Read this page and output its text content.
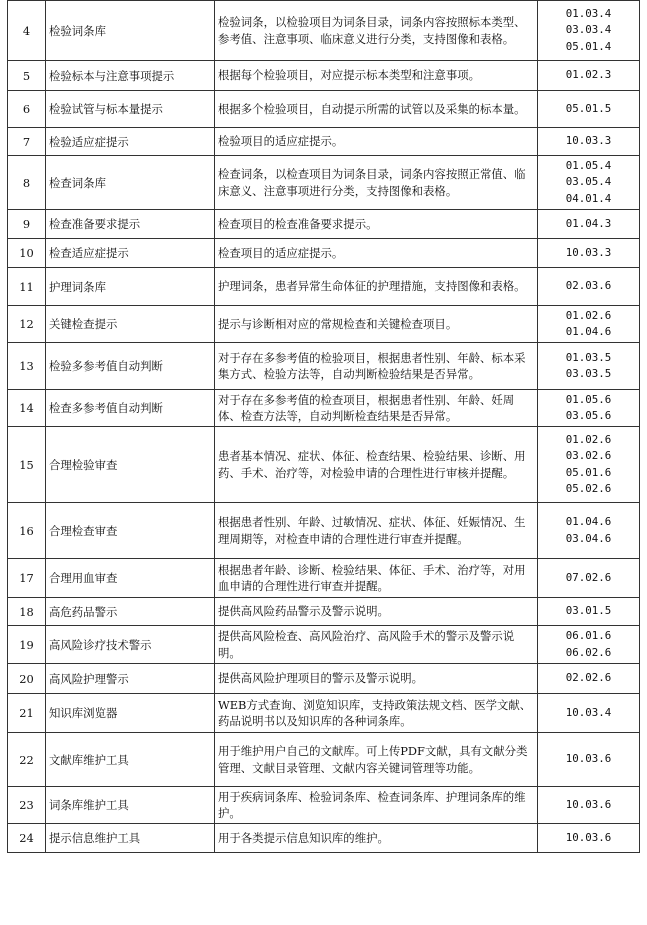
4	检验词条库	检验词条，以检验项目为词条目录，词条内容按照标本类型、参考值、注意事项、临床意义进行分类，支持图像和表格。	01.03.4
03.03.4
05.01.4

5	检验标本与注意事项提示	根据每个检验项目，对应提示标本类型和注意事项。	01.02.3

6	检验试管与标本量提示	根据多个检验项目，自动提示所需的试管以及采集的标本量。	05.01.5

7	检验适应症提示	检验项目的适应症提示。	10.03.3

8	检查词条库	检查词条，以检查项目为词条目录，词条内容按照正常值、临床意义、注意事项进行分类，支持图像和表格。	01.05.4
03.05.4
04.01.4

9	检查准备要求提示	检查项目的检查准备要求提示。	01.04.3

10	检查适应症提示	检查项目的适应症提示。	10.03.3

11	护理词条库	护理词条，患者异常生命体征的护理措施，支持图像和表格。	02.03.6

12	关键检查提示	提示与诊断相对应的常规检查和关键检查项目。	01.02.6
01.04.6

13	检验多参考值自动判断	对于存在多参考值的检验项目，根据患者性别、年龄、标本采集方式、检验方法等，自动判断检验结果是否异常。	01.03.5
03.03.5

14	检查多参考值自动判断	对于存在多参考值的检查项目，根据患者性别、年龄、妊周体、检查方法等，自动判断检查结果是否异常。	01.05.6
03.05.6

15	合理检验审查	患者基本情况、症状、体征、检查结果、检验结果、诊断、用药、手术、治疗等，对检验申请的合理性进行审核并提醒。	01.02.6
03.02.6
05.01.6
05.02.6

16	合理检查审查	根据患者性别、年龄、过敏情况、症状、体征、妊娠情况、生理周期等，对检查申请的合理性进行审查并提醒。	01.04.6
03.04.6

17	合理用血审查	根据患者年龄、诊断、检验结果、体征、手术、治疗等，对用血申请的合理性进行审查并提醒。	07.02.6

18	高危药品警示	提供高风险药品警示及警示说明。	03.01.5

19	高风险诊疗技术警示	提供高风险检查、高风险治疗、高风险手术的警示及警示说明。	06.01.6
06.02.6

20	高风险护理警示	提供高风险护理项目的警示及警示说明。	02.02.6

21	知识库浏览器	WEB方式查询、浏览知识库，支持政策法规文档、医学文献、药品说明书以及知识库的各种词条库。	10.03.4

22	文献库维护工具	用于维护用户自己的文献库。可上传PDF文献，具有文献分类管理、文献目录管理、文献内容关键词管理等功能。	10.03.6

23	词条库维护工具	用于疾病词条库、检验词条库、检查词条库、护理词条库的维护。	10.03.6

24	提示信息维护工具	用于各类提示信息知识库的维护。	10.03.6
